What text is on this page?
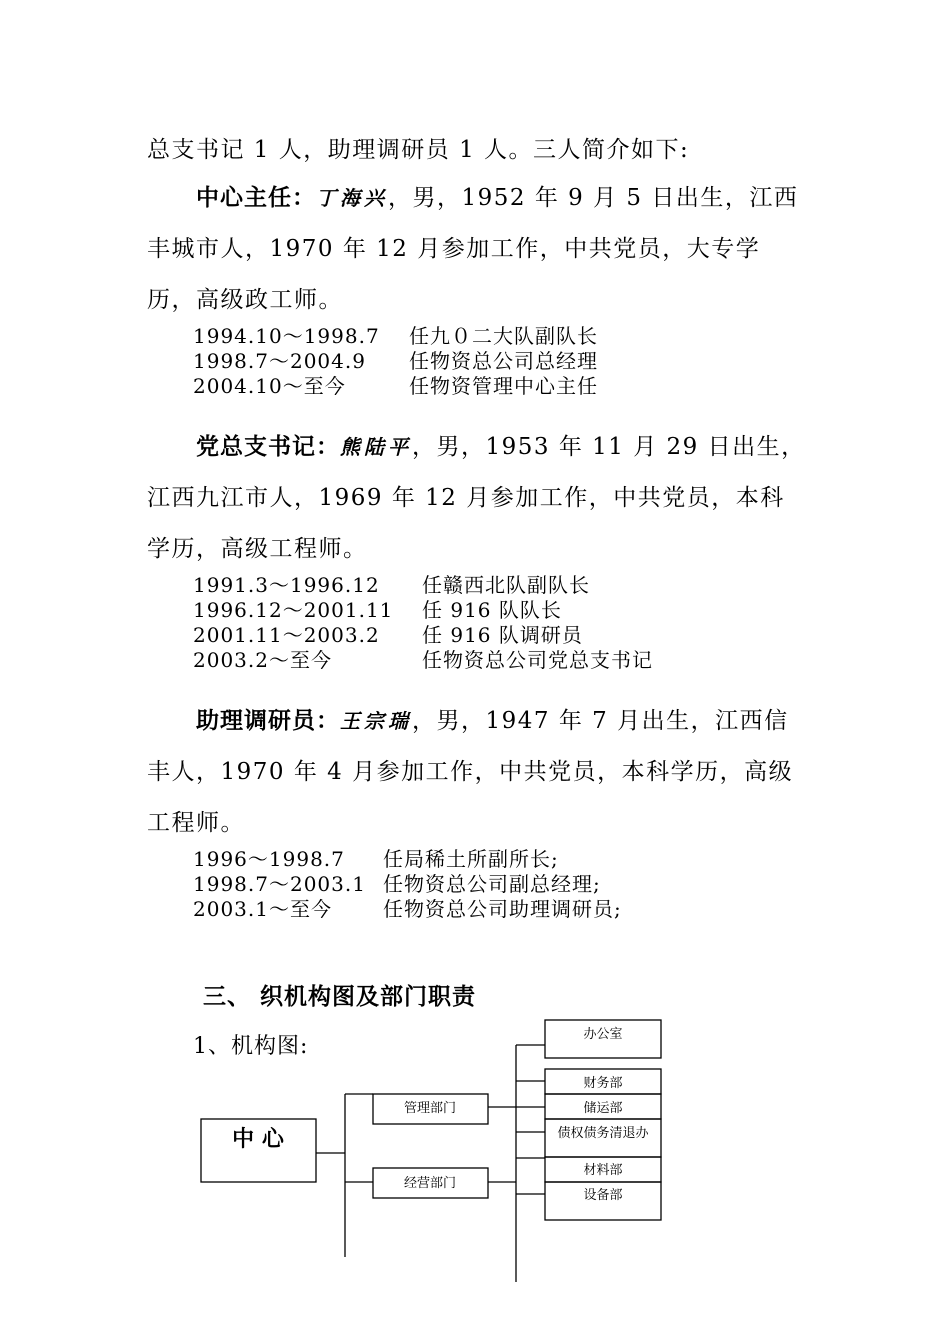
总支书记 1 人，助理调研员 1 人。三人简介如下:

中心主任：丁海兴，男，1952 年 9 月 5 日出生，江西丰城市人，1970 年 12 月参加工作，中共党员，大专学历，高级政工师。

1994.10～1998.7	任九０二大队副队长
1998.7～2004.9	任物资总公司总经理
2004.10～至今	任物资管理中心主任

党总支书记：熊陆平，男，1953 年 11 月 29 日出生，江西九江市人，1969 年 12 月参加工作，中共党员，本科学历，高级工程师。

1991.3～1996.12	任赣西北队副队长
1996.12～2001.11	任 916 队队长
2001.11～2003.2	任 916 队调研员
2003.2～至今	任物资总公司党总支书记

助理调研员：王宗瑞，男，1947 年 7 月出生，江西信丰人，1970 年 4 月参加工作，中共党员，本科学历，高级工程师。

1996～1998.7	任局稀土所副所长;
1998.7～2003.1 任物资总公司副总经理;
2003.1～至今	任物资总公司助理调研员;
三、 织机构图及部门职责
1、机构图:
中 心
管理部门
经营部门
办公室
财务部
储运部
债权债务清退办
材料部
设备部
